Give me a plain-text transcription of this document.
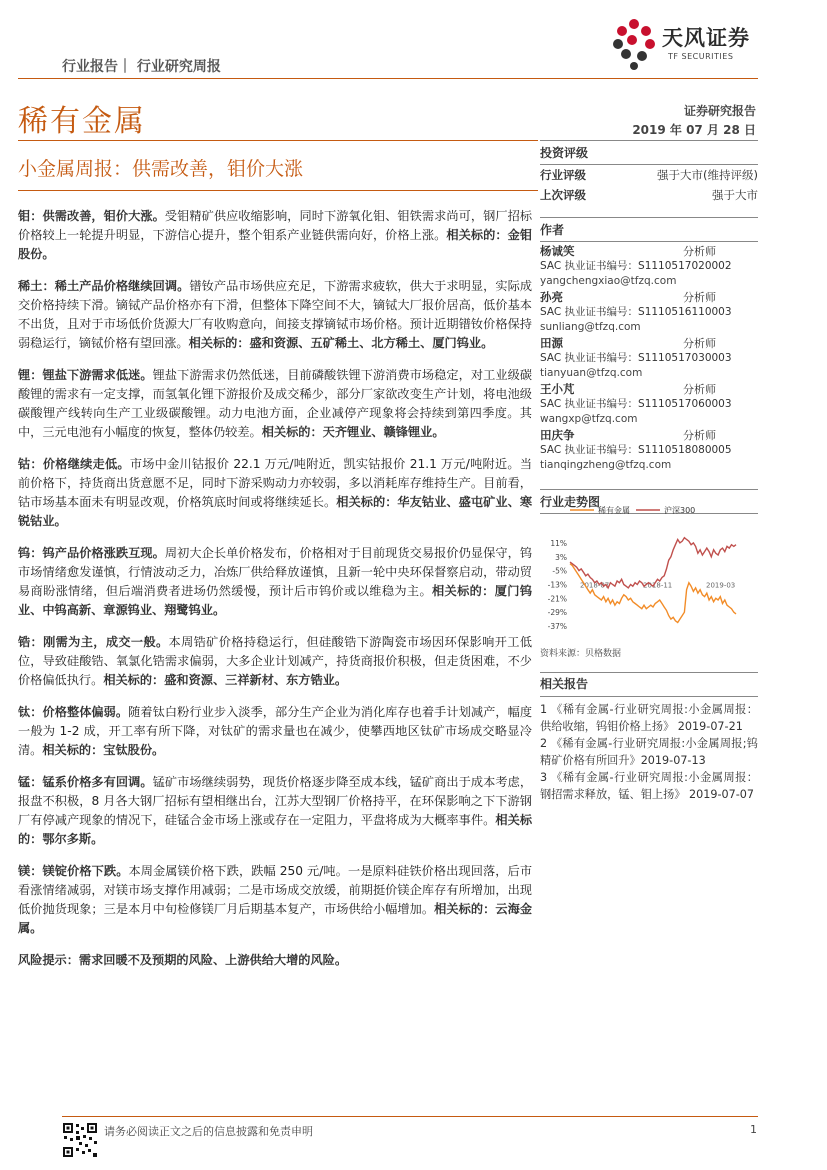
行业报告｜ 行业研究周报
天风证券
TF SECURITIES
稀有金属	证券研究报告
2019 年 07 月 28 日
小金属周报：供需改善，钼价大涨

钼：供需改善，钼价大涨。受钼精矿供应收缩影响，同时下游氧化钼、钼铁需求尚可，钢厂招标价格较上一轮提升明显，下游信心提升，整个钼系产业链供需向好，价格上涨。相关标的：金钼股份。

稀土：稀土产品价格继续回调。镨钕产品市场供应充足，下游需求疲软，供大于求明显，实际成交价格持续下滑。镝铽产品价格亦有下滑，但整体下降空间不大，镝铽大厂报价居高，低价基本不出货，且对于市场低价货源大厂有收购意向，间接支撑镝铽市场价格。预计近期镨钕价格保持弱稳运行，镝铽价格有望回涨。相关标的：盛和资源、五矿稀土、北方稀土、厦门钨业。

锂：锂盐下游需求低迷。锂盐下游需求仍然低迷，目前磷酸铁锂下游消费市场稳定，对工业级碳酸锂的需求有一定支撑，而氢氧化锂下游报价及成交稀少，部分厂家欲改变生产计划，将电池级碳酸锂产线转向生产工业级碳酸锂。动力电池方面，企业减停产现象将会持续到第四季度。其中，三元电池有小幅度的恢复，整体仍较差。相关标的：天齐锂业、赣锋锂业。

钴：价格继续走低。市场中金川钴报价 22.1 万元/吨附近，凯实钴报价 21.1 万元/吨附近。当前价格下，持货商出货意愿不足，同时下游采购动力亦较弱，多以消耗库存维持生产。目前看，钴市场基本面未有明显改观，价格筑底时间或将继续延长。相关标的：华友钴业、盛屯矿业、寒锐钴业。

钨：钨产品价格涨跌互现。周初大企长单价格发布，价格相对于目前现货交易报价仍显保守，钨市场情绪愈发谨慎，行情波动乏力，冶炼厂供给释放谨慎，且新一轮中央环保督察启动，带动贸易商盼涨情绪，但后端消费者进场仍然缓慢，预计后市钨价或以维稳为主。相关标的：厦门钨业、中钨高新、章源钨业、翔鹭钨业。

锆：刚需为主，成交一般。本周锆矿价格持稳运行，但硅酸锆下游陶瓷市场因环保影响开工低位，导致硅酸锆、氧氯化锆需求偏弱，大多企业计划减产，持货商报价积极，但走货困难，不少价格偏低执行。相关标的：盛和资源、三祥新材、东方锆业。

钛：价格整体偏弱。随着钛白粉行业步入淡季，部分生产企业为消化库存也着手计划减产，幅度一般为 1-2 成，开工率有所下降，对钛矿的需求量也在减少，使攀西地区钛矿市场成交略显冷清。相关标的：宝钛股份。

锰：锰系价格多有回调。锰矿市场继续弱势，现货价格逐步降至成本线，锰矿商出于成本考虑，报盘不积极，8 月各大钢厂招标有望相继出台，江苏大型钢厂价格持平，在环保影响之下下游钢厂有停减产现象的情况下，硅锰合金市场上涨或存在一定阻力，平盘将成为大概率事件。相关标的：鄂尔多斯。

镁：镁锭价格下跌。本周金属镁价格下跌，跌幅 250 元/吨。一是原料硅铁价格出现回落，后市看涨情绪减弱，对镁市场支撑作用减弱；二是市场成交放缓，前期挺价镁企库存有所增加，出现低价抛货现象；三是本月中旬检修镁厂月后期基本复产，市场供给小幅增加。相关标的：云海金属。

风险提示：需求回暖不及预期的风险、上游供给大增的风险。

投资评级
行业评级	强于大市(维持评级)
上次评级	强于大市
作者
杨诚笑	分析师
SAC 执业证书编号：S1110517020002
yangchengxiao@tfzq.com
孙亮	分析师
SAC 执业证书编号：S1110516110003
sunliang@tfzq.com
田源	分析师
SAC 执业证书编号：S1110517030003
tianyuan@tfzq.com
王小芃	分析师
SAC 执业证书编号：S1110517060003
wangxp@tfzq.com
田庆争	分析师
SAC 执业证书编号：S1110518080005
tianqingzheng@tfzq.com
行业走势图
稀有金属	沪深300
11%
3%
-5%
-13%
-21%
-29%
-37%
2018-07	2018-11	2019-03
资料来源：贝格数据
相关报告
1 《稀有金属-行业研究周报:小金属周报：供给收缩，钨钼价格上扬》 2019-07-21
2 《稀有金属-行业研究周报:小金属周报;钨精矿价格有所回升》2019-07-13
3 《稀有金属-行业研究周报:小金属周报：钢招需求释放，锰、钼上扬》 2019-07-07
请务必阅读正文之后的信息披露和免责申明	1
